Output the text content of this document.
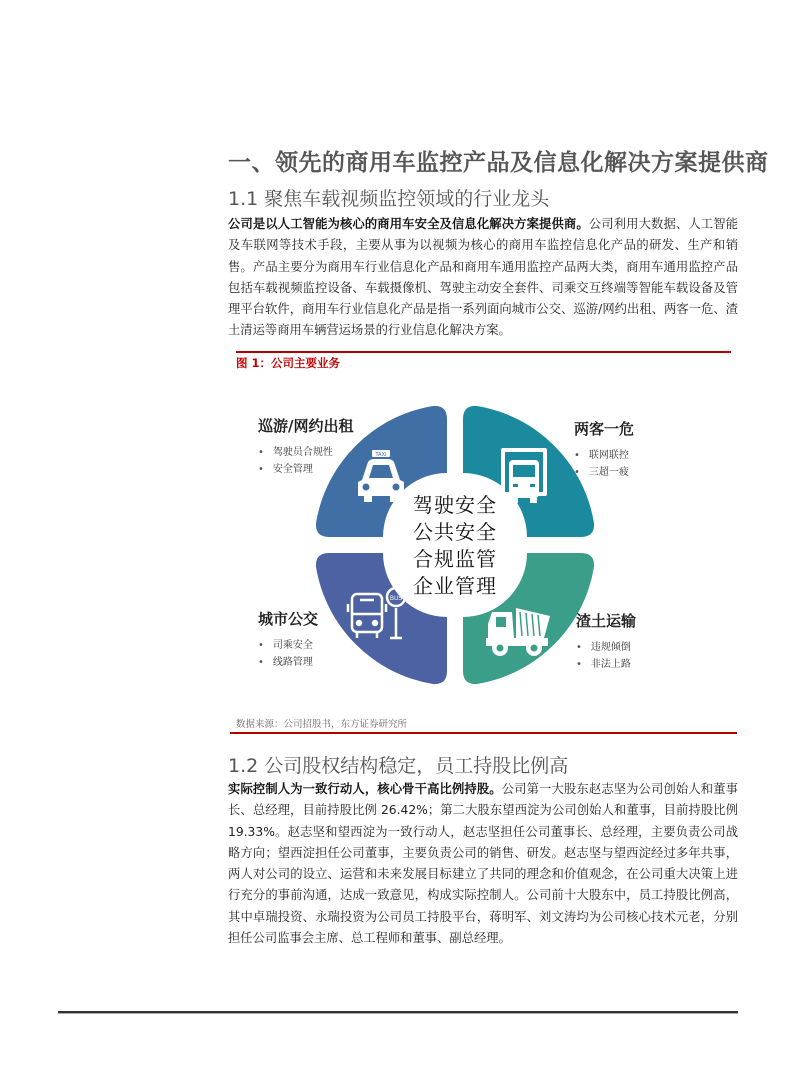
一、领先的商用车监控产品及信息化解决方案提供商
1.1 聚焦车载视频监控领域的行业龙头
公司是以人工智能为核心的商用车安全及信息化解决方案提供商。公司利用大数据、人工智能及车联网等技术手段，主要从事为以视频为核心的商用车监控信息化产品的研发、生产和销售。产品主要分为商用车行业信息化产品和商用车通用监控产品两大类，商用车通用监控产品包括车载视频监控设备、车载摄像机、驾驶主动安全套件、司乘交互终端等智能车载设备及管理平台软件，商用车行业信息化产品是指一系列面向城市公交、巡游/网约出租、两客一危、渣土清运等商用车辆营运场景的行业信息化解决方案。
图 1：公司主要业务
TAXI
BUS
驾驶安全
公共安全
合规监管
企业管理
巡游/网约出租
• 驾驶员合规性
• 安全管理
两客一危
• 联网联控
• 三超一疲
城市公交
• 司乘安全
• 线路管理
渣土运输
• 违规倾倒
• 非法上路
数据来源：公司招股书，东方证券研究所
1.2 公司股权结构稳定，员工持股比例高
实际控制人为一致行动人，核心骨干高比例持股。公司第一大股东赵志坚为公司创始人和董事长、总经理，目前持股比例 26.42%；第二大股东望西淀为公司创始人和董事，目前持股比例 19.33%。赵志坚和望西淀为一致行动人，赵志坚担任公司董事长、总经理，主要负责公司战略方向；望西淀担任公司董事，主要负责公司的销售、研发。赵志坚与望西淀经过多年共事，两人对公司的设立、运营和未来发展目标建立了共同的理念和价值观念，在公司重大决策上进行充分的事前沟通，达成一致意见，构成实际控制人。公司前十大股东中，员工持股比例高，其中卓瑞投资、永瑞投资为公司员工持股平台，蒋明军、刘文涛均为公司核心技术元老，分别担任公司监事会主席、总工程师和董事、副总经理。
